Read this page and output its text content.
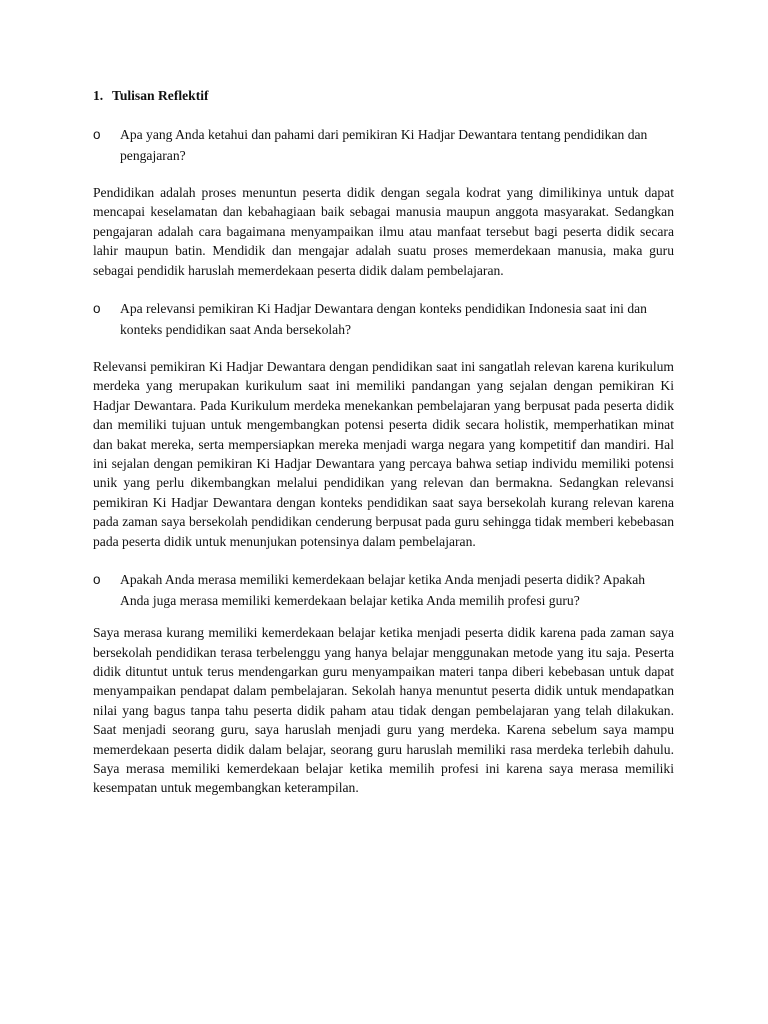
1. Tulisan Reflektif
o	Apa yang Anda ketahui dan pahami dari pemikiran Ki Hadjar Dewantara tentang pendidikan dan pengajaran?

Pendidikan adalah proses menuntun peserta didik dengan segala kodrat yang dimilikinya untuk dapat mencapai keselamatan dan kebahagiaan baik sebagai manusia maupun anggota masyarakat. Sedangkan pengajaran adalah cara bagaimana menyampaikan ilmu atau manfaat tersebut bagi peserta didik secara lahir maupun batin. Mendidik dan mengajar adalah suatu proses memerdekaan manusia, maka guru sebagai pendidik haruslah memerdekaan peserta didik dalam pembelajaran.

o	Apa relevansi pemikiran Ki Hadjar Dewantara dengan konteks pendidikan Indonesia saat ini dan konteks pendidikan saat Anda bersekolah?

Relevansi pemikiran Ki Hadjar Dewantara dengan pendidikan saat ini sangatlah relevan karena kurikulum merdeka yang merupakan kurikulum saat ini memiliki pandangan yang sejalan dengan pemikiran Ki Hadjar Dewantara. Pada Kurikulum merdeka menekankan pembelajaran yang berpusat pada peserta didik dan memiliki tujuan untuk mengembangkan potensi peserta didik secara holistik, memperhatikan minat dan bakat mereka, serta mempersiapkan mereka menjadi warga negara yang kompetitif dan mandiri. Hal ini sejalan dengan pemikiran Ki Hadjar Dewantara yang percaya bahwa setiap individu memiliki potensi unik yang perlu dikembangkan melalui pendidikan yang relevan dan bermakna. Sedangkan relevansi pemikiran Ki Hadjar Dewantara dengan konteks pendidikan saat saya bersekolah kurang relevan karena pada zaman saya bersekolah pendidikan cenderung berpusat pada guru sehingga tidak memberi kebebasan pada peserta didik untuk menunjukan potensinya dalam pembelajaran.

o	Apakah Anda merasa memiliki kemerdekaan belajar ketika Anda menjadi peserta didik? Apakah Anda juga merasa memiliki kemerdekaan belajar ketika Anda memilih profesi guru?

Saya merasa kurang memiliki kemerdekaan belajar ketika menjadi peserta didik karena pada zaman saya bersekolah pendidikan terasa terbelenggu yang hanya belajar menggunakan metode yang itu saja. Peserta didik dituntut untuk terus mendengarkan guru menyampaikan materi tanpa diberi kebebasan untuk dapat menyampaikan pendapat dalam pembelajaran. Sekolah hanya menuntut peserta didik untuk mendapatkan nilai yang bagus tanpa tahu peserta didik paham atau tidak dengan pembelajaran yang telah dilakukan. Saat menjadi seorang guru, saya haruslah menjadi guru yang merdeka. Karena sebelum saya mampu memerdekaan peserta didik dalam belajar, seorang guru haruslah memiliki rasa merdeka terlebih dahulu. Saya merasa memiliki kemerdekaan belajar ketika memilih profesi ini karena saya merasa memiliki kesempatan untuk megembangkan keterampilan.
